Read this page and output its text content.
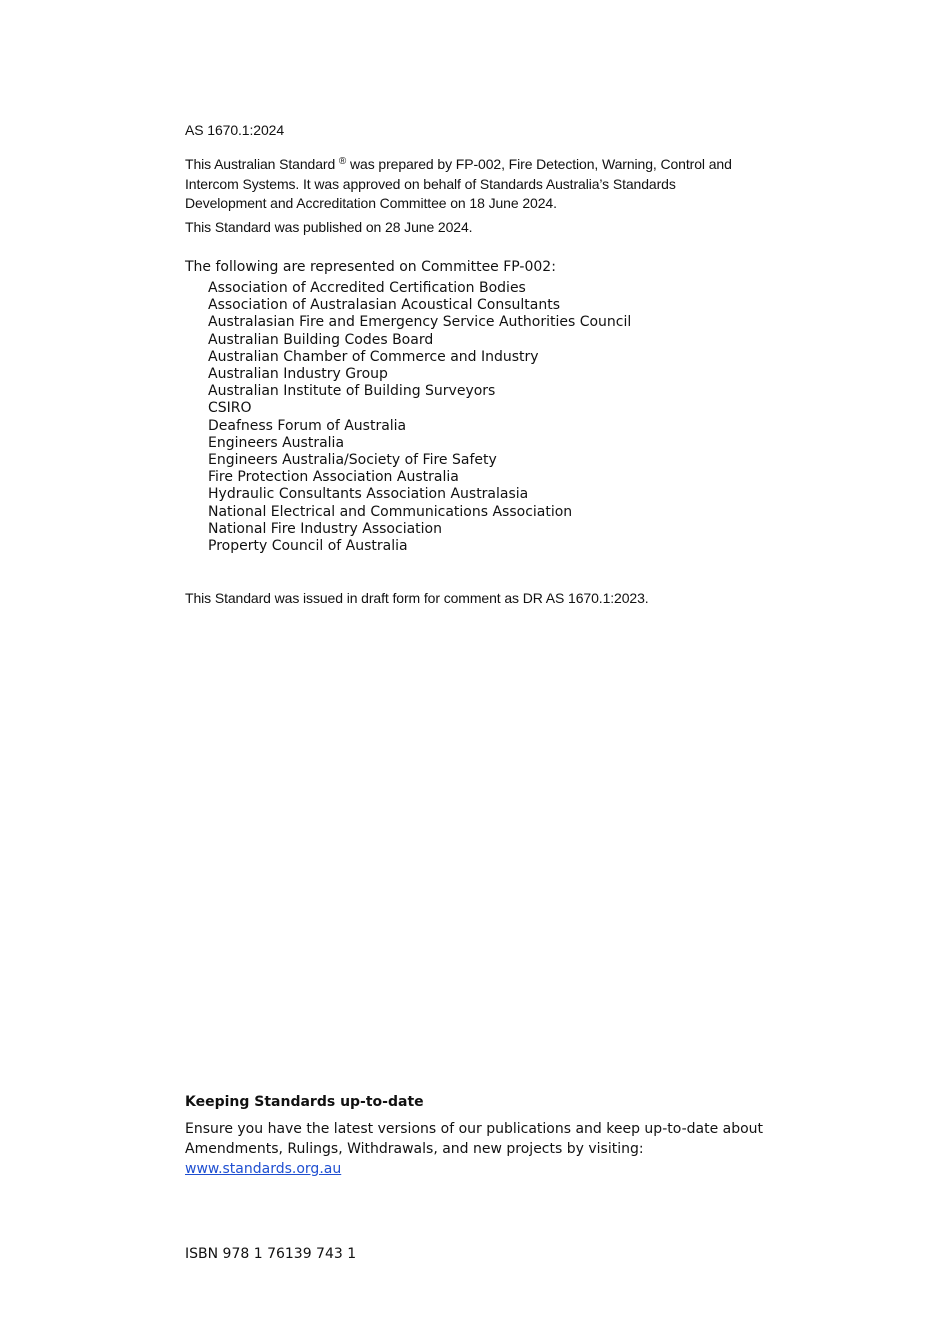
AS 1670.1:2024

This Australian Standard ® was prepared by FP-002, Fire Detection, Warning, Control and Intercom Systems. It was approved on behalf of Standards Australia’s Standards Development and Accreditation Committee on 18 June 2024.

This Standard was published on 28 June 2024.

The following are represented on Committee FP-002:

Association of Accredited Certification Bodies
Association of Australasian Acoustical Consultants
Australasian Fire and Emergency Service Authorities Council
Australian Building Codes Board
Australian Chamber of Commerce and Industry
Australian Industry Group
Australian Institute of Building Surveyors
CSIRO
Deafness Forum of Australia
Engineers Australia
Engineers Australia/Society of Fire Safety
Fire Protection Association Australia
Hydraulic Consultants Association Australasia
National Electrical and Communications Association
National Fire Industry Association
Property Council of Australia

This Standard was issued in draft form for comment as DR AS 1670.1:2023.

Keeping Standards up-to-date

Ensure you have the latest versions of our publications and keep up-to-date about Amendments, Rulings, Withdrawals, and new projects by visiting:
www.standards.org.au

ISBN 978 1 76139 743 1
